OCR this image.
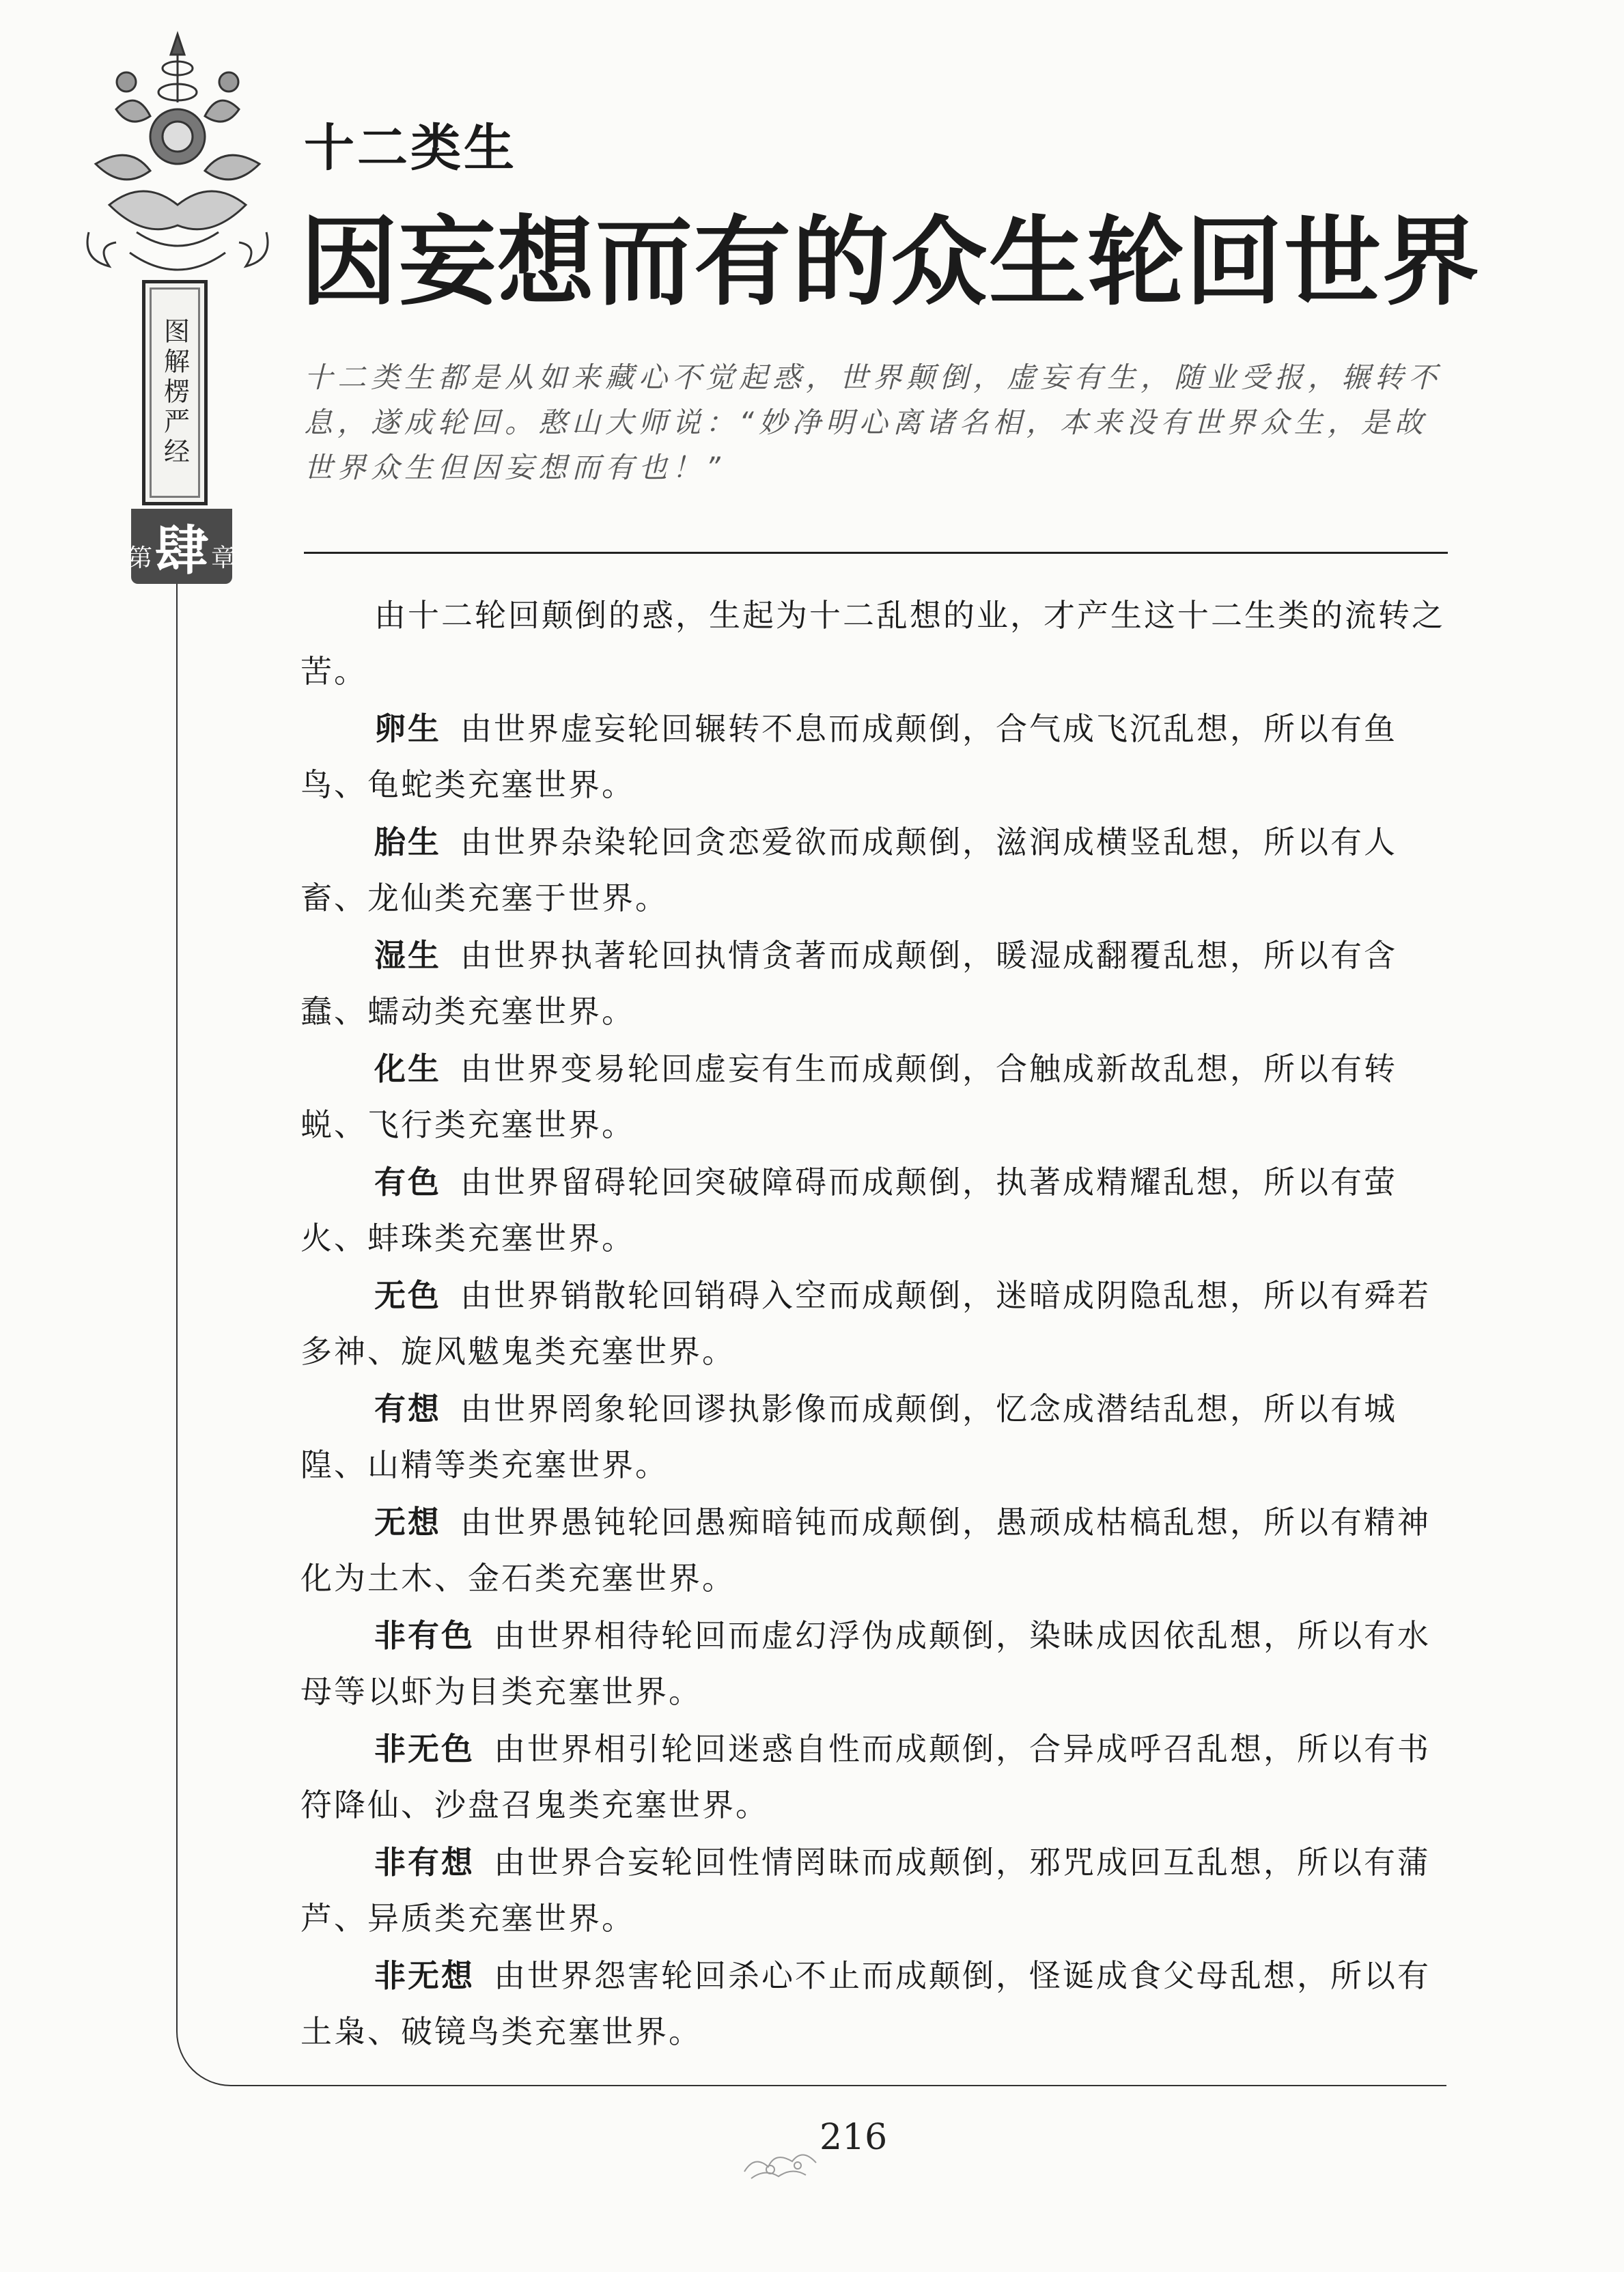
图解楞严经
第 肆 章
十二类生
因妄想而有的众生轮回世界
十二类生都是从如来藏心不觉起惑，世界颠倒，虚妄有生，随业受报，辗转不息，遂成轮回。憨山大师说：“妙净明心离诸名相，本来没有世界众生，是故世界众生但因妄想而有也！”

由十二轮回颠倒的惑，生起为十二乱想的业，才产生这十二生类的流转之苦。

卵生 由世界虚妄轮回辗转不息而成颠倒，合气成飞沉乱想，所以有鱼鸟、龟蛇类充塞世界。

胎生 由世界杂染轮回贪恋爱欲而成颠倒，滋润成横竖乱想，所以有人畜、龙仙类充塞于世界。

湿生 由世界执著轮回执情贪著而成颠倒，暖湿成翻覆乱想，所以有含蠢、蠕动类充塞世界。

化生 由世界变易轮回虚妄有生而成颠倒，合触成新故乱想，所以有转蜕、飞行类充塞世界。

有色 由世界留碍轮回突破障碍而成颠倒，执著成精耀乱想，所以有萤火、蚌珠类充塞世界。

无色 由世界销散轮回销碍入空而成颠倒，迷暗成阴隐乱想，所以有舜若多神、旋风魃鬼类充塞世界。

有想 由世界罔象轮回谬执影像而成颠倒，忆念成潜结乱想，所以有城隍、山精等类充塞世界。

无想 由世界愚钝轮回愚痴暗钝而成颠倒，愚顽成枯槁乱想，所以有精神化为土木、金石类充塞世界。

非有色 由世界相待轮回而虚幻浮伪成颠倒，染昧成因依乱想，所以有水母等以虾为目类充塞世界。

非无色 由世界相引轮回迷惑自性而成颠倒，合异成呼召乱想，所以有书符降仙、沙盘召鬼类充塞世界。

非有想 由世界合妄轮回性情罔昧而成颠倒，邪咒成回互乱想，所以有蒲芦、异质类充塞世界。

非无想 由世界怨害轮回杀心不止而成颠倒，怪诞成食父母乱想，所以有土枭、破镜鸟类充塞世界。

216
